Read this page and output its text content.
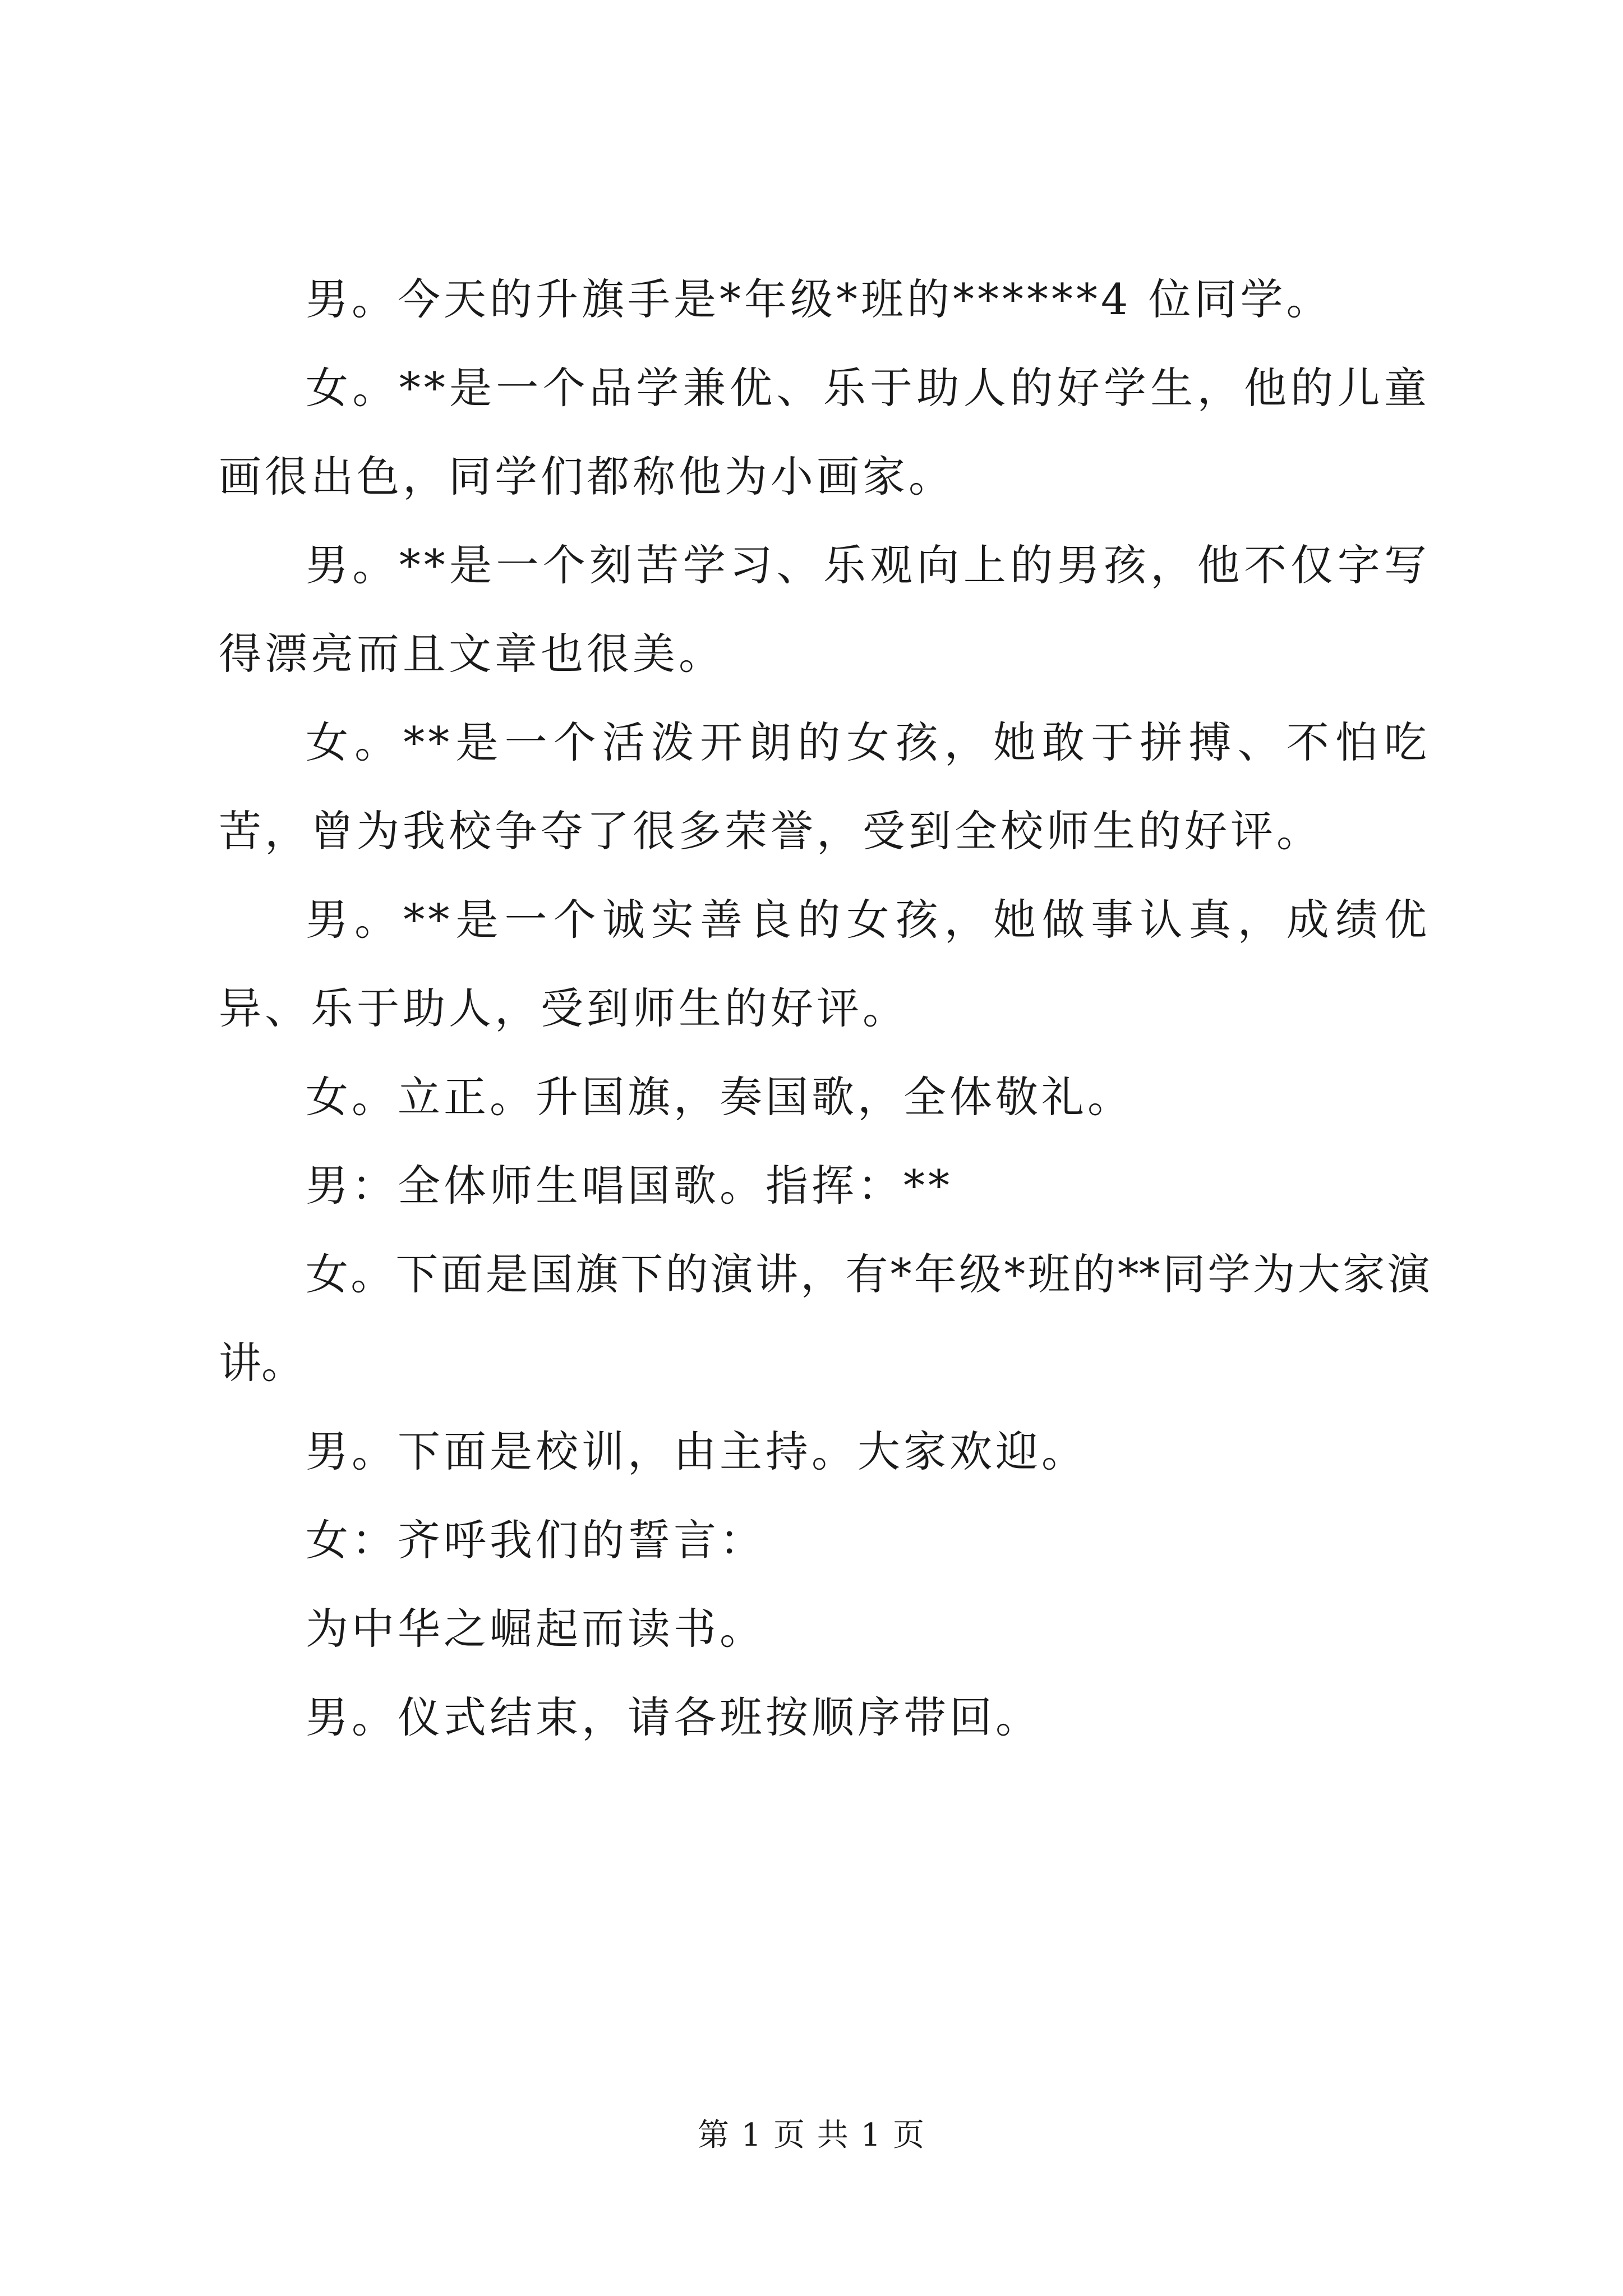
男。今天的升旗手是*年级*班的******4 位同学。

女。**是一个品学兼优、乐于助人的好学生，他的儿童画很出色，同学们都称他为小画家。

男。**是一个刻苦学习、乐观向上的男孩，他不仅字写得漂亮而且文章也很美。

女。**是一个活泼开朗的女孩，她敢于拼搏、不怕吃苦，曾为我校争夺了很多荣誉，受到全校师生的好评。

男。**是一个诚实善良的女孩，她做事认真，成绩优异、乐于助人，受到师生的好评。

女。立正。升国旗，奏国歌，全体敬礼。

男：全体师生唱国歌。指挥：**

女。下面是国旗下的演讲，有*年级*班的**同学为大家演讲。

男。下面是校训，由主持。大家欢迎。

女：齐呼我们的誓言：

为中华之崛起而读书。

男。仪式结束，请各班按顺序带回。

第 1 页 共 1 页
